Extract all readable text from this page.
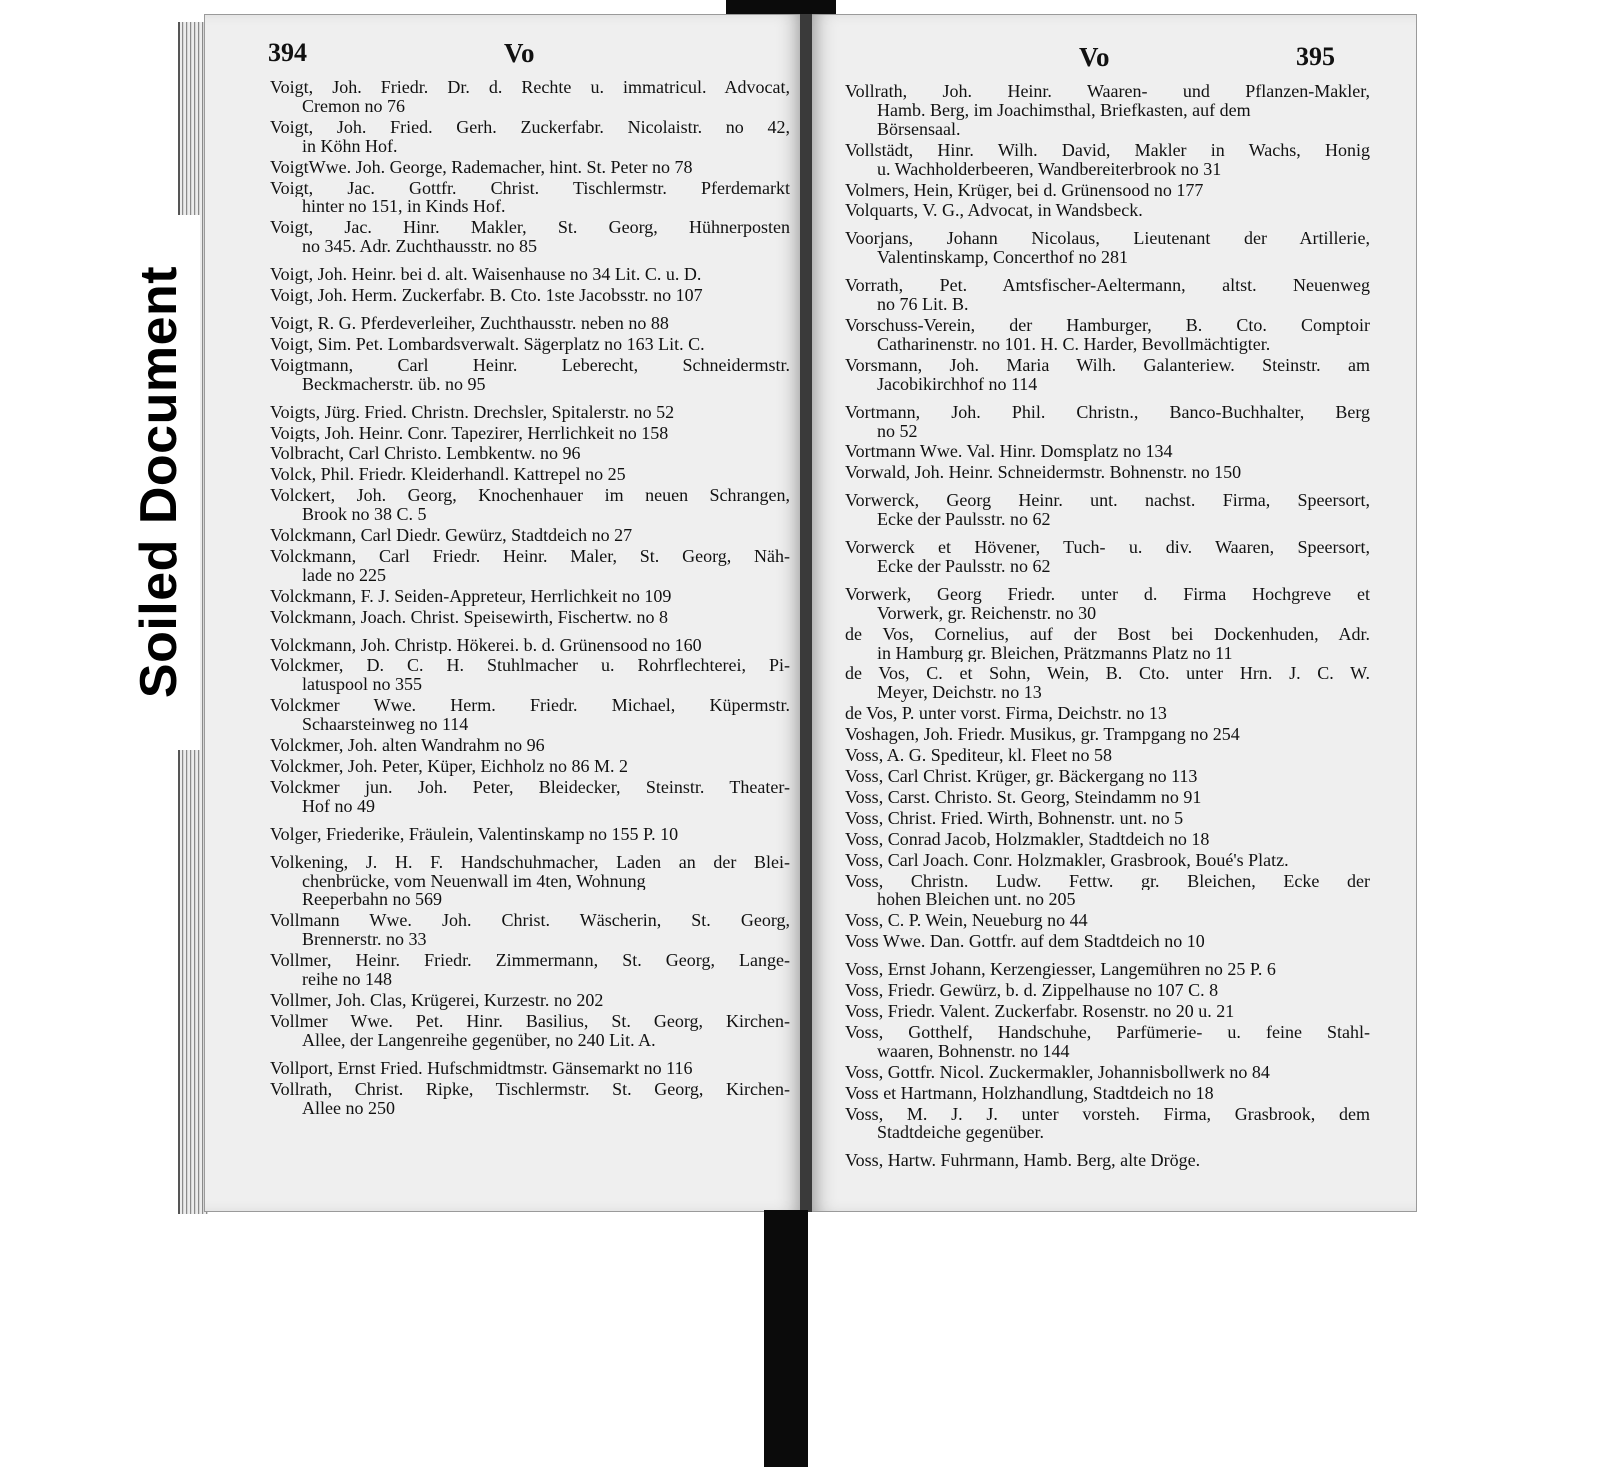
Soiled Document
394	Vo	Vo	395
Voigt, Joh. Friedr. Dr. d. Rechte u. immatricul. Advocat,
Cremon no 76
Voigt, Joh. Fried. Gerh. Zuckerfabr. Nicolaistr. no 42,
in Köhn Hof.
VoigtWwe. Joh. George, Rademacher, hint. St. Peter no 78
Voigt, Jac. Gottfr. Christ. Tischlermstr. Pferdemarkt
hinter no 151, in Kinds Hof.
Voigt, Jac. Hinr. Makler, St. Georg, Hühnerposten
no 345. Adr. Zuchthausstr. no 85
Voigt, Joh. Heinr. bei d. alt. Waisenhause no 34 Lit. C. u. D.
Voigt, Joh. Herm. Zuckerfabr. B. Cto. 1ste Jacobsstr. no 107
Voigt, R. G. Pferdeverleiher, Zuchthausstr. neben no 88
Voigt, Sim. Pet. Lombardsverwalt. Sägerplatz no 163 Lit. C.
Voigtmann, Carl Heinr. Leberecht, Schneidermstr.
Beckmacherstr. üb. no 95
Voigts, Jürg. Fried. Christn. Drechsler, Spitalerstr. no 52
Voigts, Joh. Heinr. Conr. Tapezirer, Herrlichkeit no 158
Volbracht, Carl Christo. Lembkentw. no 96
Volck, Phil. Friedr. Kleiderhandl. Kattrepel no 25
Volckert, Joh. Georg, Knochenhauer im neuen Schrangen,
Brook no 38 C. 5
Volckmann, Carl Diedr. Gewürz, Stadtdeich no 27
Volckmann, Carl Friedr. Heinr. Maler, St. Georg, Näh-
lade no 225
Volckmann, F. J. Seiden-Appreteur, Herrlichkeit no 109
Volckmann, Joach. Christ. Speisewirth, Fischertw. no 8
Volckmann, Joh. Christp. Hökerei. b. d. Grünensood no 160
Volckmer, D. C. H. Stuhlmacher u. Rohrflechterei, Pi-
latuspool no 355
Volckmer Wwe. Herm. Friedr. Michael, Küpermstr.
Schaarsteinweg no 114
Volckmer, Joh. alten Wandrahm no 96
Volckmer, Joh. Peter, Küper, Eichholz no 86 M. 2
Volckmer jun. Joh. Peter, Bleidecker, Steinstr. Theater-
Hof no 49
Volger, Friederike, Fräulein, Valentinskamp no 155 P. 10
Volkening, J. H. F. Handschuhmacher, Laden an der Blei-
chenbrücke, vom Neuenwall im 4ten, Wohnung
Reeperbahn no 569
Vollmann Wwe. Joh. Christ. Wäscherin, St. Georg,
Brennerstr. no 33
Vollmer, Heinr. Friedr. Zimmermann, St. Georg, Lange-
reihe no 148
Vollmer, Joh. Clas, Krügerei, Kurzestr. no 202
Vollmer Wwe. Pet. Hinr. Basilius, St. Georg, Kirchen-
Allee, der Langenreihe gegenüber, no 240 Lit. A.
Vollport, Ernst Fried. Hufschmidtmstr. Gänsemarkt no 116
Vollrath, Christ. Ripke, Tischlermstr. St. Georg, Kirchen-
Allee no 250
Vollrath, Joh. Heinr. Waaren- und Pflanzen-Makler,
Hamb. Berg, im Joachimsthal, Briefkasten, auf dem
Börsensaal.
Vollstädt, Hinr. Wilh. David, Makler in Wachs, Honig
u. Wachholderbeeren, Wandbereiterbrook no 31
Volmers, Hein, Krüger, bei d. Grünensood no 177
Volquarts, V. G., Advocat, in Wandsbeck.
Voorjans, Johann Nicolaus, Lieutenant der Artillerie,
Valentinskamp, Concerthof no 281
Vorrath, Pet. Amtsfischer-Aeltermann, altst. Neuenweg
no 76 Lit. B.
Vorschuss-Verein, der Hamburger, B. Cto. Comptoir
Catharinenstr. no 101. H. C. Harder, Bevollmächtigter.
Vorsmann, Joh. Maria Wilh. Galanteriew. Steinstr. am
Jacobikirchhof no 114
Vortmann, Joh. Phil. Christn., Banco-Buchhalter, Berg
no 52
Vortmann Wwe. Val. Hinr. Domsplatz no 134
Vorwald, Joh. Heinr. Schneidermstr. Bohnenstr. no 150
Vorwerck, Georg Heinr. unt. nachst. Firma, Speersort,
Ecke der Paulsstr. no 62
Vorwerck et Hövener, Tuch- u. div. Waaren, Speersort,
Ecke der Paulsstr. no 62
Vorwerk, Georg Friedr. unter d. Firma Hochgreve et
Vorwerk, gr. Reichenstr. no 30
de Vos, Cornelius, auf der Bost bei Dockenhuden, Adr.
in Hamburg gr. Bleichen, Prätzmanns Platz no 11
de Vos, C. et Sohn, Wein, B. Cto. unter Hrn. J. C. W.
Meyer, Deichstr. no 13
de Vos, P. unter vorst. Firma, Deichstr. no 13
Voshagen, Joh. Friedr. Musikus, gr. Trampgang no 254
Voss, A. G. Spediteur, kl. Fleet no 58
Voss, Carl Christ. Krüger, gr. Bäckergang no 113
Voss, Carst. Christo. St. Georg, Steindamm no 91
Voss, Christ. Fried. Wirth, Bohnenstr. unt. no 5
Voss, Conrad Jacob, Holzmakler, Stadtdeich no 18
Voss, Carl Joach. Conr. Holzmakler, Grasbrook, Boué's Platz.
Voss, Christn. Ludw. Fettw. gr. Bleichen, Ecke der
hohen Bleichen unt. no 205
Voss, C. P. Wein, Neueburg no 44
Voss Wwe. Dan. Gottfr. auf dem Stadtdeich no 10
Voss, Ernst Johann, Kerzengiesser, Langemühren no 25 P. 6
Voss, Friedr. Gewürz, b. d. Zippelhause no 107 C. 8
Voss, Friedr. Valent. Zuckerfabr. Rosenstr. no 20 u. 21
Voss, Gotthelf, Handschuhe, Parfümerie- u. feine Stahl-
waaren, Bohnenstr. no 144
Voss, Gottfr. Nicol. Zuckermakler, Johannisbollwerk no 84
Voss et Hartmann, Holzhandlung, Stadtdeich no 18
Voss, M. J. J. unter vorsteh. Firma, Grasbrook, dem
Stadtdeiche gegenüber.
Voss, Hartw. Fuhrmann, Hamb. Berg, alte Dröge.
